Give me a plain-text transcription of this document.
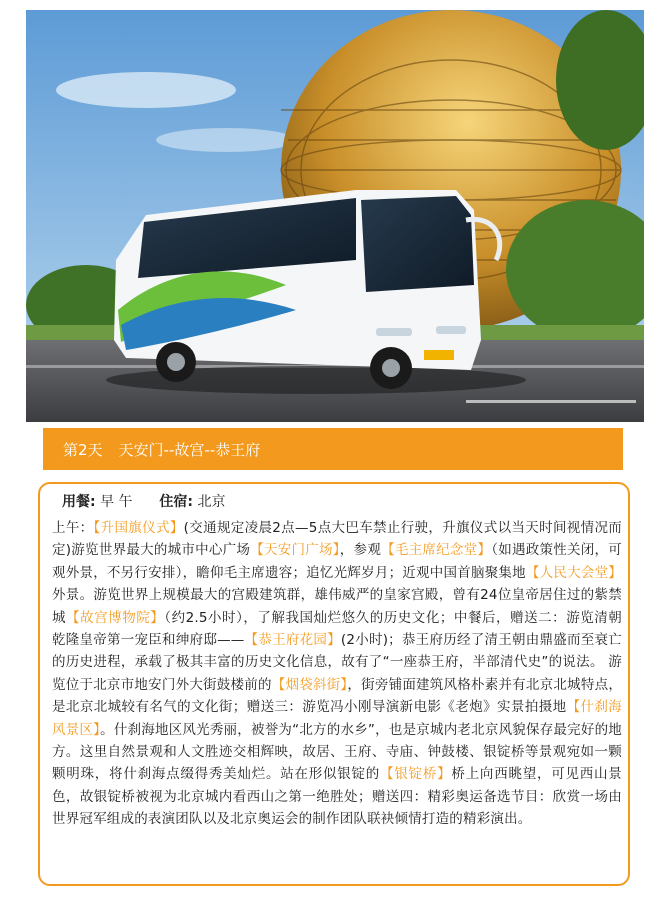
第2天 天安门--故宫--恭王府
用餐: 早 午 住宿: 北京
上午：【升国旗仪式】(交通规定凌晨2点—5点大巴车禁止行驶，升旗仪式以当天时间视情况而定)游览世界最大的城市中心广场【天安门广场】，参观【毛主席纪念堂】（如遇政策性关闭，可观外景，不另行安排），瞻仰毛主席遗容；追忆光辉岁月；近观中国首脑聚集地【人民大会堂】外景。游览世界上规模最大的宫殿建筑群，雄伟威严的皇家宫殿，曾有24位皇帝居住过的紫禁城【故宫博物院】（约2.5小时），了解我国灿烂悠久的历史文化；中餐后，赠送二：游览清朝乾隆皇帝第一宠臣和绅府邸——【恭王府花园】(2小时)；恭王府历经了清王朝由鼎盛而至衰亡的历史进程，承载了极其丰富的历史文化信息，故有了“一座恭王府，半部清代史”的说法。 游览位于北京市地安门外大街鼓楼前的【烟袋斜街】，街旁铺面建筑风格朴素并有北京北城特点，是北京北城较有名气的文化街；赠送三：游览冯小刚导演新电影《老炮》实景拍摄地【什刹海风景区】。什刹海地区风光秀丽，被誉为“北方的水乡”，也是京城内老北京风貌保存最完好的地方。这里自然景观和人文胜迹交相辉映，故居、王府、寺庙、钟鼓楼、银锭桥等景观宛如一颗颗明珠，将什刹海点缀得秀美灿烂。站在形似银锭的【银锭桥】桥上向西眺望，可见西山景色，故银锭桥被视为北京城内看西山之第一绝胜处；赠送四：精彩奥运备选节目：欣赏一场由世界冠军组成的表演团队以及北京奥运会的制作团队联袂倾情打造的精彩演出。
